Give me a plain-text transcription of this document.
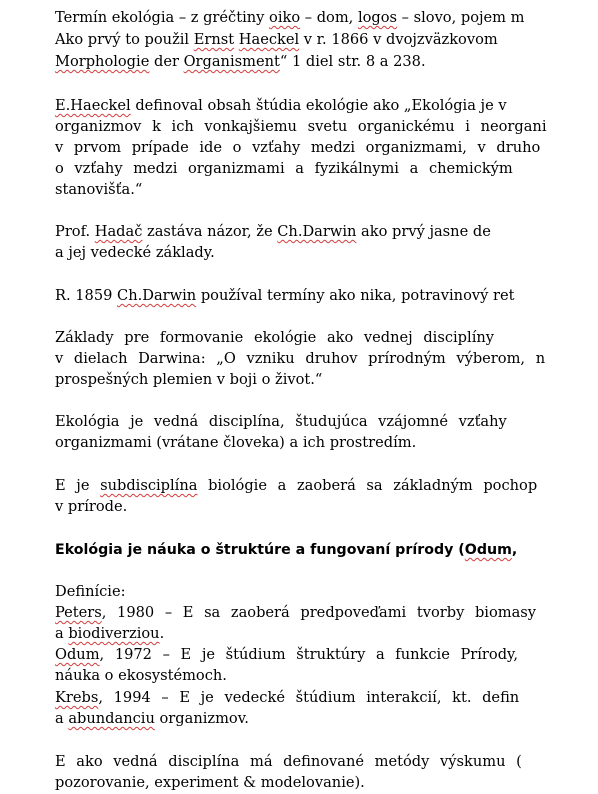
Termín ekológia – z gréčtiny oiko – dom, logos – slovo, pojem m
Ako prvý to použil Ernst Haeckel v r. 1866 v dvojzväzkovom
Morphologie der Organisment“ 1 diel str. 8 a 238.
E.Haeckel definoval obsah štúdia ekológie ako „Ekológia je v
organizmov k ich vonkajšiemu svetu organickému i neorgani
v prvom prípade ide o vzťahy medzi organizmami, v druho
o vzťahy medzi organizmami a fyzikálnymi a chemickým
stanovišťa.“
Prof. Hadač zastáva názor, že Ch.Darwin ako prvý jasne de
a jej vedecké základy.
R. 1859 Ch.Darwin používal termíny ako nika, potravinový ret
Základy pre formovanie ekológie ako vednej disciplíny
v dielach Darwina: „O vzniku druhov prírodným výberom, n
prospešných plemien v boji o život.“
Ekológia je vedná disciplína, študujúca vzájomné vzťahy
organizmami (vrátane človeka) a ich prostredím.
E je subdisciplína biológie a zaoberá sa základným pochop
v prírode.
Ekológia je náuka o štruktúre a fungovaní prírody (Odum,
Definície:
Peters, 1980 – E sa zaoberá predpoveďami tvorby biomasy
a biodiverziou.
Odum, 1972 – E je štúdium štruktúry a funkcie Prírody,
náuka o ekosystémoch.
Krebs, 1994 – E je vedecké štúdium interakcií, kt. defin
a abundanciu organizmov.
E ako vedná disciplína má definované metódy výskumu (
pozorovanie, experiment & modelovanie).
